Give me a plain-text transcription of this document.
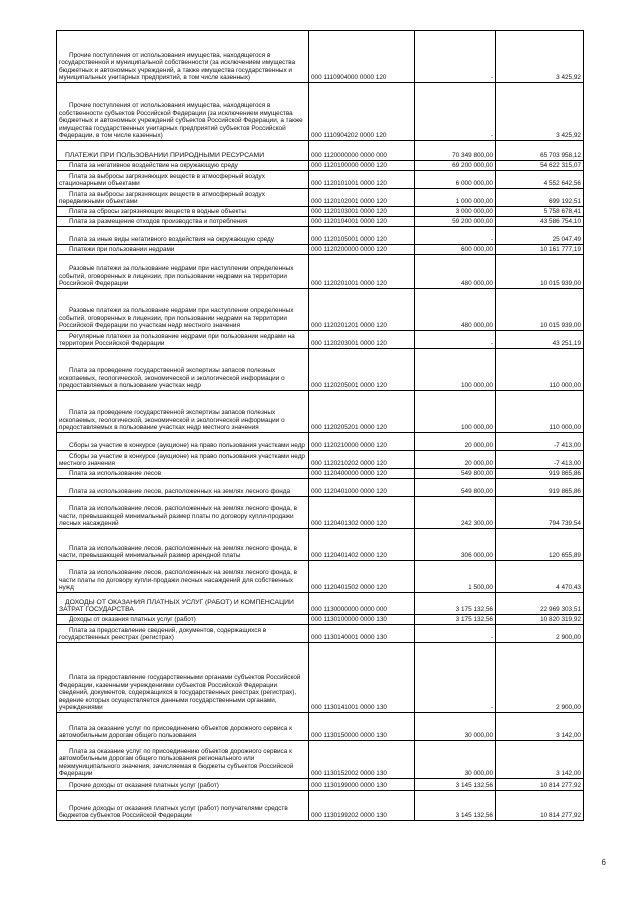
Прочие поступления от использования имущества, находящегося в государственной и муниципальной собственности (за исключением имущества бюджетных и автономных учреждений, а также имущества государственных и муниципальных унитарных предприятий, в том числе казенных)	000 1110904000 0000 120	-	3 425,92
Прочие поступления от использования имущества, находящегося в собственности субъектов Российской Федерации (за исключением имущества бюджетных и автономных учреждений субъектов Российской Федерации, а также имущества государственных унитарных предприятий субъектов Российской Федерации, в том числе казенных)	000 1110904202 0000 120	-	3 425,92
ПЛАТЕЖИ ПРИ ПОЛЬЗОВАНИИ ПРИРОДНЫМИ РЕСУРСАМИ	000 1120000000 0000 000	70 349 800,00	65 703 958,12
Плата за негативное воздействие на окружающую среду	000 1120100000 0000 120	69 200 000,00	54 622 315,07
Плата за выбросы загрязняющих веществ в атмосферный воздух стационарными объектами	000 1120101001 0000 120	6 000 000,00	4 552 642,56
Плата за выбросы загрязняющих веществ в атмосферный воздух передвижными объектами	000 1120102001 0000 120	1 000 000,00	699 192,51
Плата за сбросы загрязняющих веществ в водные объекты	000 1120103001 0000 120	3 000 000,00	5 758 678,41
Плата за размещение отходов производства и потребления	000 1120104001 0000 120	59 200 000,00	43 586 754,10
Плата за иные виды негативного воздействия на окружающую среду	000 1120105001 0000 120	-	25 047,49
Платежи при пользовании недрами	000 1120200000 0000 120	600 000,00	10 161 777,19
Разовые платежи за пользование недрами при наступлении определенных событий, оговоренных в лицензии, при пользовании недрами на территории Российской Федерации	000 1120201001 0000 120	480 000,00	10 015 939,00
Разовые платежи за пользование недрами при наступлении определенных событий, оговоренных в лицензии, при пользовании недрами на территории Российской Федерации по участкам недр местного значения	000 1120201201 0000 120	480 000,00	10 015 939,00
Регулярные платежи за пользование недрами при пользовании недрами на территории Российской Федерации	000 1120203001 0000 120	-	43 251,19
Плата за проведение государственной экспертизы запасов полезных ископаемых, геологической, экономической и экологической информации о предоставляемых в пользование участках недр	000 1120205001 0000 120	100 000,00	110 000,00
Плата за проведение государственной экспертизы запасов полезных ископаемых, геологической, экономической и экологической информации о предоставляемых в пользование участках недр местного значения	000 1120205201 0000 120	100 000,00	110 000,00
Сборы за участие в конкурсе (аукционе) на право пользования участками недр	000 1120210000 0000 120	20 000,00	-7 413,00
Сборы за участие в конкурсе (аукционе) на право пользования участками недр местного значения	000 1120210202 0000 120	20 000,00	-7 413,00
Плата за использование лесов	000 1120400000 0000 120	549 800,00	919 865,86
Плата за использование лесов, расположенных на землях лесного фонда	000 1120401000 0000 120	549 800,00	919 865,86
Плата за использование лесов, расположенных на землях лесного фонда, в части, превышающей минимальный размер платы по договору купли-продажи лесных насаждений	000 1120401302 0000 120	242 300,00	794 739,54
Плата за использование лесов, расположенных на землях лесного фонда, в части, превышающей минимальный размер арендной платы	000 1120401402 0000 120	306 000,00	120 655,89
Плата за использование лесов, расположенных на землях лесного фонда, в части платы по договору купли-продажи лесных насаждений для собственных нужд	000 1120401502 0000 120	1 500,00	4 470,43
ДОХОДЫ ОТ ОКАЗАНИЯ ПЛАТНЫХ УСЛУГ (РАБОТ) И КОМПЕНСАЦИИ ЗАТРАТ ГОСУДАРСТВА	000 1130000000 0000 000	3 175 132,56	22 969 303,51
Доходы от оказания платных услуг (работ)	000 1130100000 0000 130	3 175 132,56	10 820 319,92
Плата за предоставление сведений, документов, содержащихся в государственных реестрах (регистрах)	000 1130140001 0000 130	-	2 900,00
Плата за предоставление государственными органами субъектов Российской Федерации, казенными учреждениями субъектов Российской Федерации сведений, документов, содержащихся в государственных реестрах (регистрах), ведение которых осуществляется данными государственными органами, учреждениями	000 1130141001 0000 130	-	2 900,00
Плата за оказание услуг по присоединению объектов дорожного сервиса к автомобильным дорогам общего пользования	000 1130150000 0000 130	30 000,00	3 142,00
Плата за оказание услуг по присоединению объектов дорожного сервиса к автомобильным дорогам общего пользования регионального или межмуниципального значения, зачисляемая в бюджеты субъектов Российской Федерации	000 1130152002 0000 130	30 000,00	3 142,00
Прочие доходы от оказания платных услуг (работ)	000 1130199000 0000 130	3 145 132,56	10 814 277,92
Прочие доходы от оказания платных услуг (работ) получателями средств бюджетов субъектов Российской Федерации	000 1130199202 0000 130	3 145 132,56	10 814 277,92
6
